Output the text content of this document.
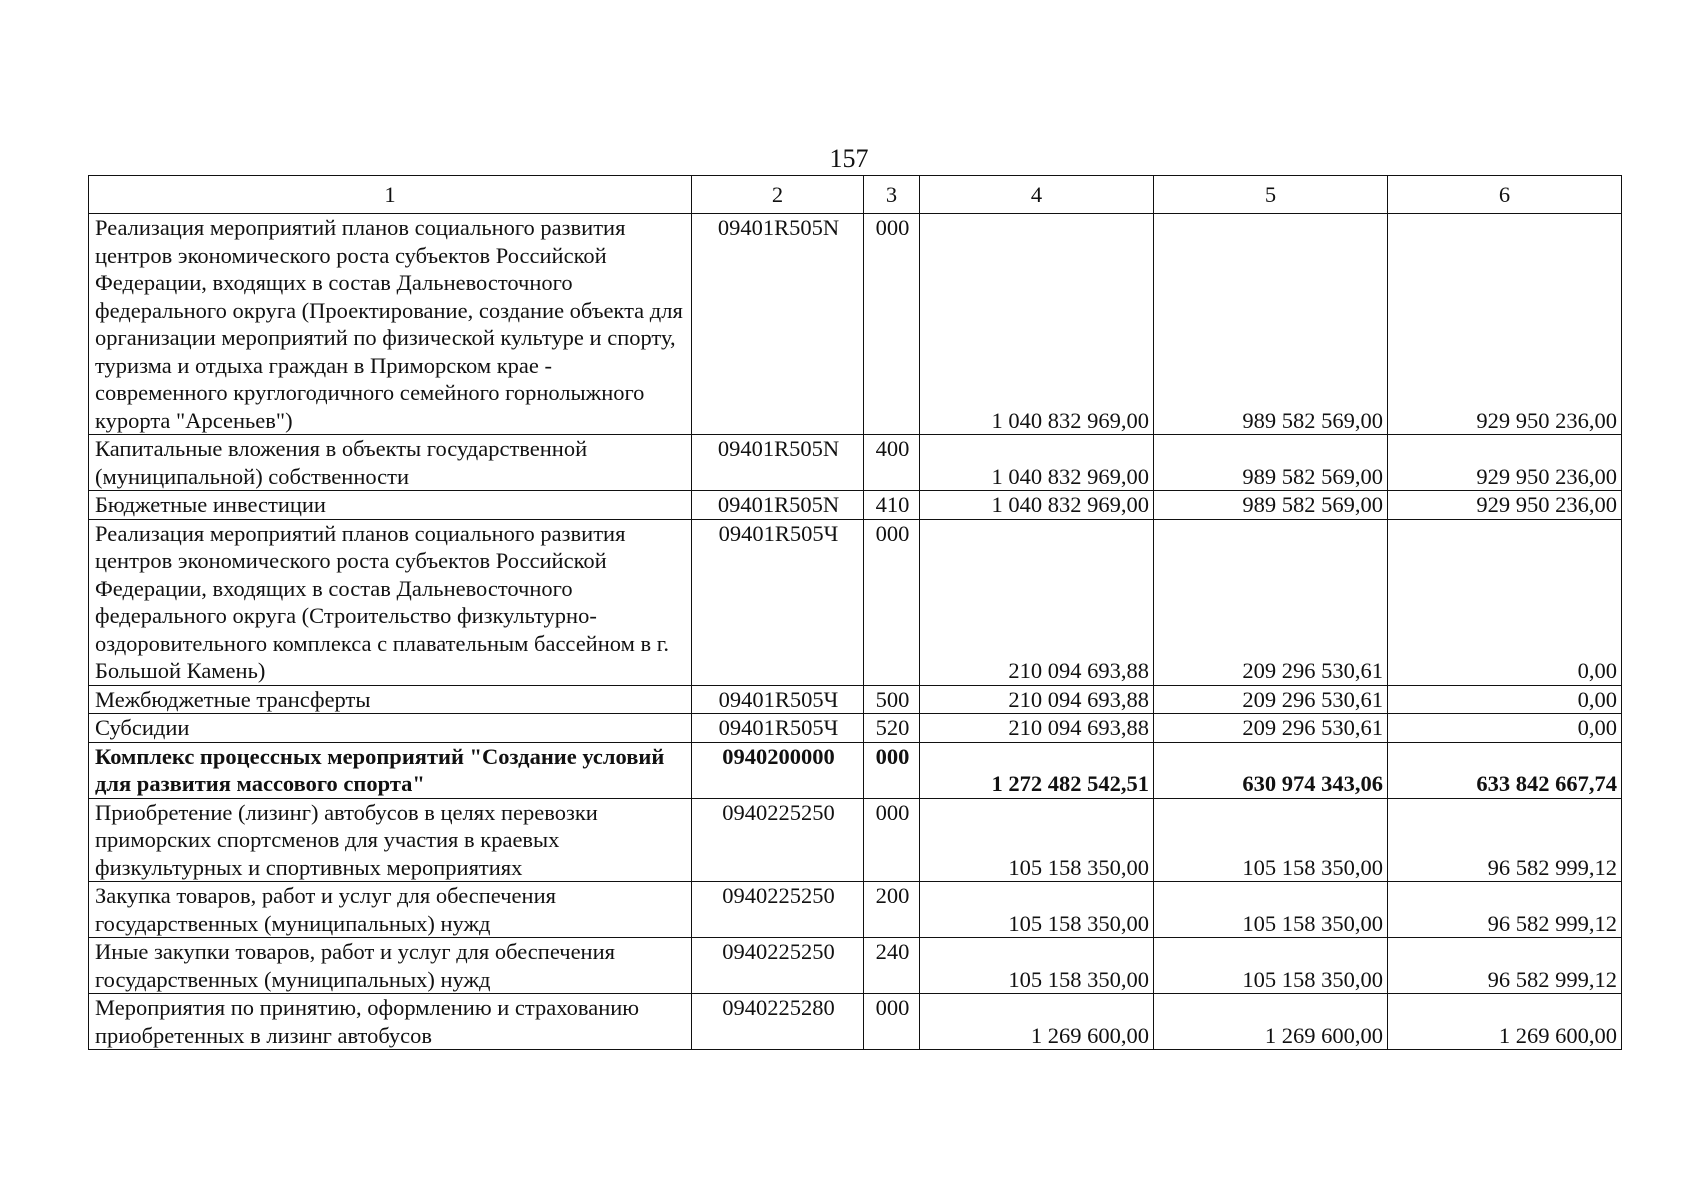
157
1	2	3	4	5	6
Реализация мероприятий планов социального развития центров экономического роста субъектов Российской Федерации, входящих в состав Дальневосточного федерального округа (Проектирование, создание объекта для организации мероприятий по физической культуре и спорту, туризма и отдыха граждан в Приморском крае - современного круглогодичного семейного горнолыжного курорта "Арсеньев")	09401R505N	000	1 040 832 969,00	989 582 569,00	929 950 236,00
Капитальные вложения в объекты государственной (муниципальной) собственности	09401R505N	400	1 040 832 969,00	989 582 569,00	929 950 236,00
Бюджетные инвестиции	09401R505N	410	1 040 832 969,00	989 582 569,00	929 950 236,00
Реализация мероприятий планов социального развития центров экономического роста субъектов Российской Федерации, входящих в состав Дальневосточного федерального округа (Строительство физкультурно-оздоровительного комплекса с плавательным бассейном в г. Большой Камень)	09401R505Ч	000	210 094 693,88	209 296 530,61	0,00
Межбюджетные трансферты	09401R505Ч	500	210 094 693,88	209 296 530,61	0,00
Субсидии	09401R505Ч	520	210 094 693,88	209 296 530,61	0,00
Комплекс процессных мероприятий "Создание условий для развития массового спорта"	0940200000	000	1 272 482 542,51	630 974 343,06	633 842 667,74
Приобретение (лизинг) автобусов в целях перевозки приморских спортсменов для участия в краевых физкультурных и спортивных мероприятиях	0940225250	000	105 158 350,00	105 158 350,00	96 582 999,12
Закупка товаров, работ и услуг для обеспечения государственных (муниципальных) нужд	0940225250	200	105 158 350,00	105 158 350,00	96 582 999,12
Иные закупки товаров, работ и услуг для обеспечения государственных (муниципальных) нужд	0940225250	240	105 158 350,00	105 158 350,00	96 582 999,12
Мероприятия по принятию, оформлению и страхованию приобретенных в лизинг автобусов	0940225280	000	1 269 600,00	1 269 600,00	1 269 600,00
